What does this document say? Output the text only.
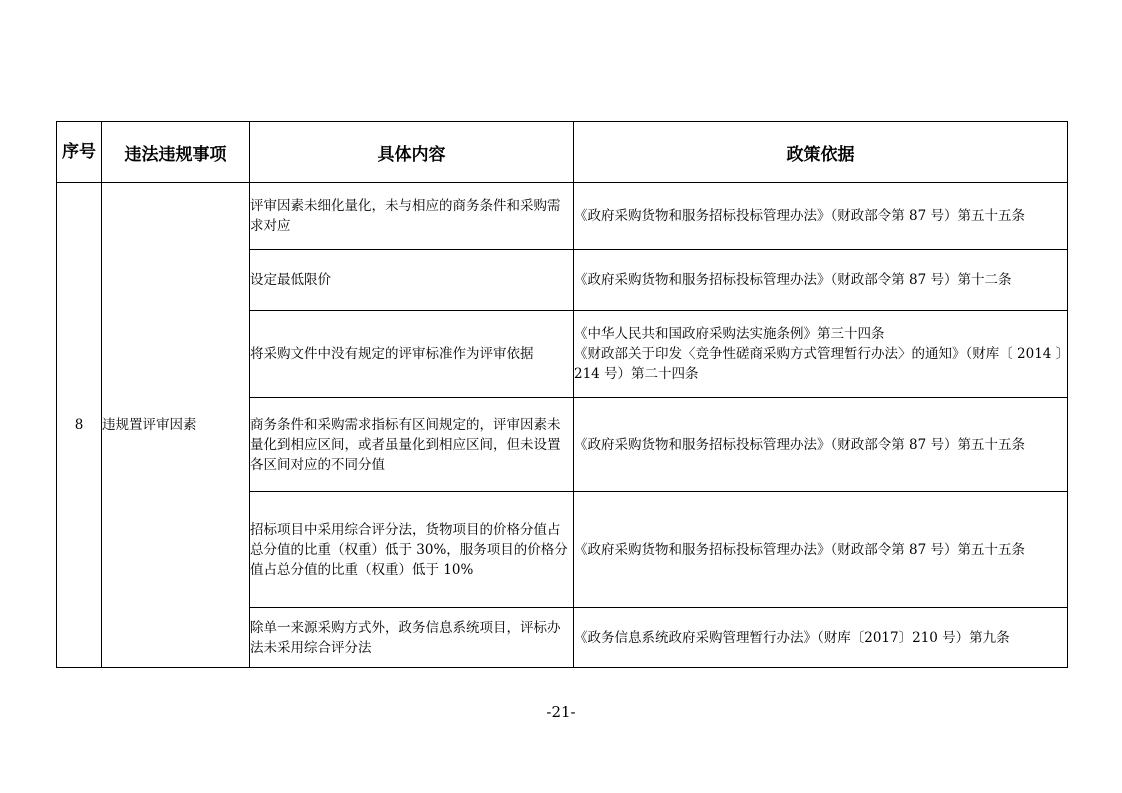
序号	违法违规事项	具体内容	政策依据
8	违规置评审因素	评审因素未细化量化，未与相应的商务条件和采购需求对应	《政府采购货物和服务招标投标管理办法》（财政部令第 87 号）第五十五条

		设定最低限价	《政府采购货物和服务招标投标管理办法》（财政部令第 87 号）第十二条

		将采购文件中没有规定的评审标准作为评审依据	《中华人民共和国政府采购法实施条例》第三十四条
《财政部关于印发〈竞争性磋商采购方式管理暂行办法〉的通知》（财库〔 2014 〕214 号）第二十四条

		商务条件和采购需求指标有区间规定的，评审因素未量化到相应区间，或者虽量化到相应区间，但未设置各区间对应的不同分值	《政府采购货物和服务招标投标管理办法》（财政部令第 87 号）第五十五条

		招标项目中采用综合评分法，货物项目的价格分值占总分值的比重（权重）低于 30%，服务项目的价格分值占总分值的比重（权重）低于 10%	《政府采购货物和服务招标投标管理办法》（财政部令第 87 号）第五十五条

		除单一来源采购方式外，政务信息系统项目，评标办法未采用综合评分法	《政务信息系统政府采购管理暂行办法》（财库〔2017〕210 号）第九条
-21-
